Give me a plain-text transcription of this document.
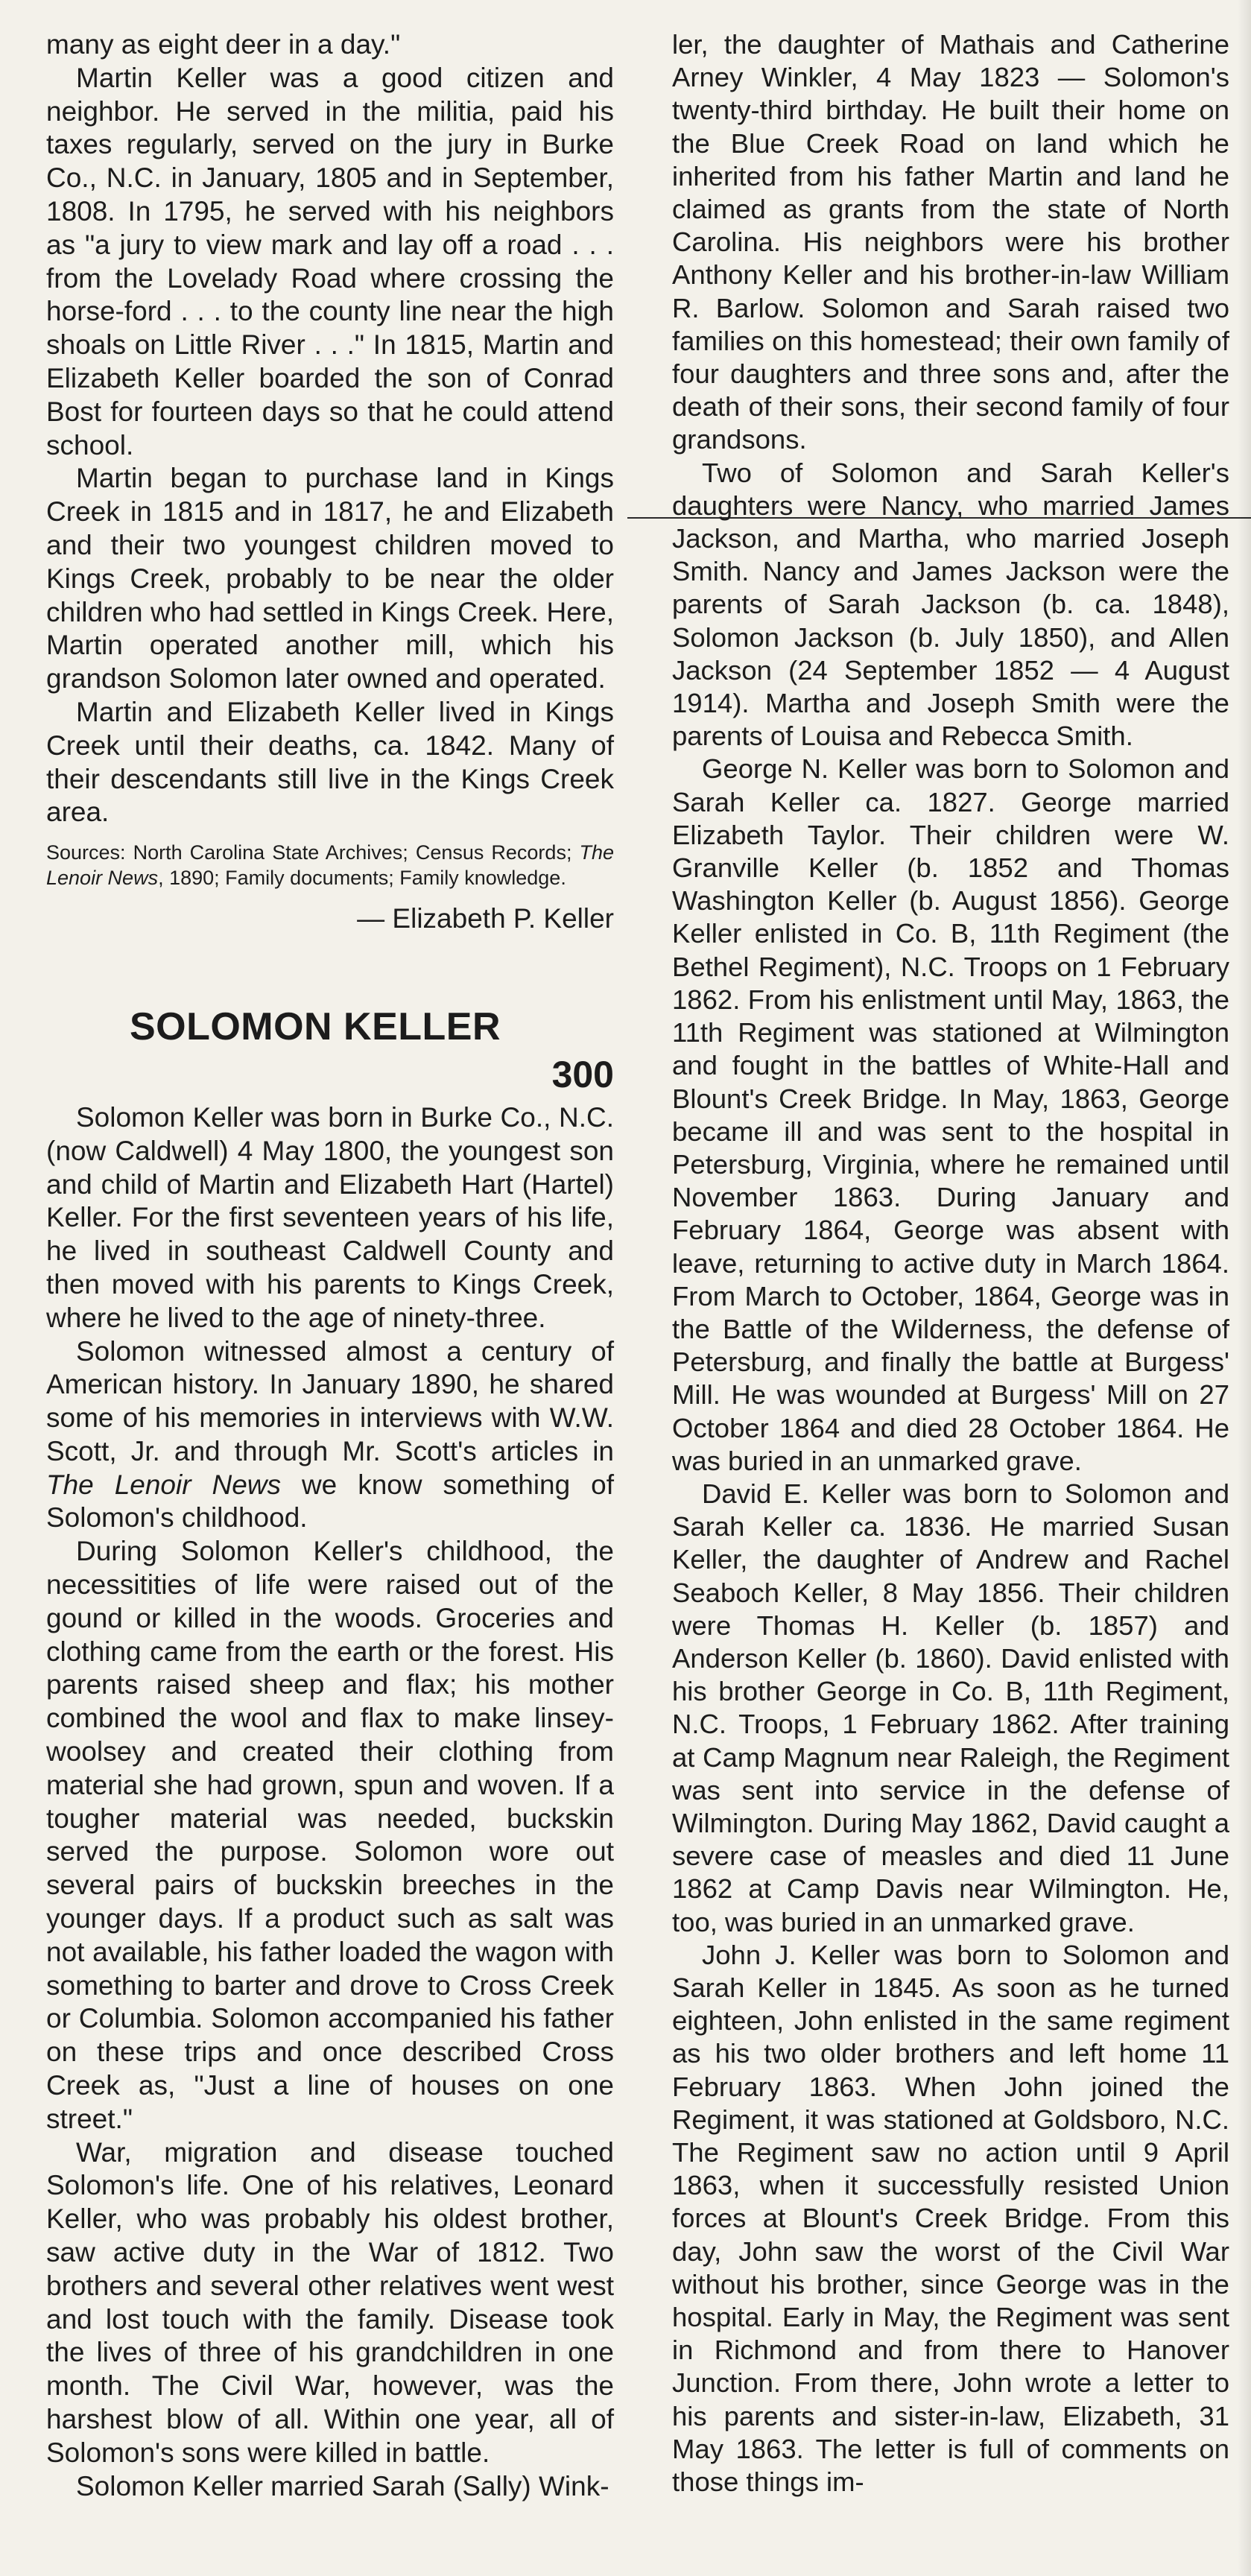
many as eight deer in a day."

Martin Keller was a good citizen and neighbor. He served in the militia, paid his taxes regularly, served on the jury in Burke Co., N.C. in January, 1805 and in September, 1808. In 1795, he served with his neighbors as "a jury to view mark and lay off a road . . . from the Lovelady Road where crossing the horse-ford . . . to the county line near the high shoals on Little River . . ." In 1815, Martin and Elizabeth Keller boarded the son of Conrad Bost for fourteen days so that he could attend school.

Martin began to purchase land in Kings Creek in 1815 and in 1817, he and Elizabeth and their two youngest children moved to Kings Creek, probably to be near the older children who had settled in Kings Creek. Here, Martin operated another mill, which his grandson Solomon later owned and operated.

Martin and Elizabeth Keller lived in Kings Creek until their deaths, ca. 1842. Many of their descendants still live in the Kings Creek area.

Sources: North Carolina State Archives; Census Records; The Lenoir News, 1890; Family documents; Family knowledge.

— Elizabeth P. Keller

SOLOMON KELLER
300

Solomon Keller was born in Burke Co., N.C. (now Caldwell) 4 May 1800, the youngest son and child of Martin and Elizabeth Hart (Hartel) Keller. For the first seventeen years of his life, he lived in southeast Caldwell County and then moved with his parents to Kings Creek, where he lived to the age of ninety-three.

Solomon witnessed almost a century of American history. In January 1890, he shared some of his memories in interviews with W.W. Scott, Jr. and through Mr. Scott's articles in The Lenoir News we know something of Solomon's childhood.

During Solomon Keller's childhood, the necessitities of life were raised out of the gound or killed in the woods. Groceries and clothing came from the earth or the forest. His parents raised sheep and flax; his mother combined the wool and flax to make linsey-woolsey and created their clothing from material she had grown, spun and woven. If a tougher material was needed, buckskin served the purpose. Solomon wore out several pairs of buckskin breeches in the younger days. If a product such as salt was not available, his father loaded the wagon with something to barter and drove to Cross Creek or Columbia. Solomon accompanied his father on these trips and once described Cross Creek as, "Just a line of houses on one street."

War, migration and disease touched Solomon's life. One of his relatives, Leonard Keller, who was probably his oldest brother, saw active duty in the War of 1812. Two brothers and several other relatives went west and lost touch with the family. Disease took the lives of three of his grandchildren in one month. The Civil War, however, was the harshest blow of all. Within one year, all of Solomon's sons were killed in battle.

Solomon Keller married Sarah (Sally) Wink-

ler, the daughter of Mathais and Catherine Arney Winkler, 4 May 1823 — Solomon's twenty-third birthday. He built their home on the Blue Creek Road on land which he inherited from his father Martin and land he claimed as grants from the state of North Carolina. His neighbors were his brother Anthony Keller and his brother-in-law William R. Barlow. Solomon and Sarah raised two families on this homestead; their own family of four daughters and three sons and, after the death of their sons, their second family of four grandsons.

Two of Solomon and Sarah Keller's daughters were Nancy, who married James Jackson, and Martha, who married Joseph Smith. Nancy and James Jackson were the parents of Sarah Jackson (b. ca. 1848), Solomon Jackson (b. July 1850), and Allen Jackson (24 September 1852 — 4 August 1914). Martha and Joseph Smith were the parents of Louisa and Rebecca Smith.

George N. Keller was born to Solomon and Sarah Keller ca. 1827. George married Elizabeth Taylor. Their children were W. Granville Keller (b. 1852 and Thomas Washington Keller (b. August 1856). George Keller enlisted in Co. B, 11th Regiment (the Bethel Regiment), N.C. Troops on 1 February 1862. From his enlistment until May, 1863, the 11th Regiment was stationed at Wilmington and fought in the battles of White-Hall and Blount's Creek Bridge. In May, 1863, George became ill and was sent to the hospital in Petersburg, Virginia, where he remained until November 1863. During January and February 1864, George was absent with leave, returning to active duty in March 1864. From March to October, 1864, George was in the Battle of the Wilderness, the defense of Petersburg, and finally the battle at Burgess' Mill. He was wounded at Burgess' Mill on 27 October 1864 and died 28 October 1864. He was buried in an unmarked grave.

David E. Keller was born to Solomon and Sarah Keller ca. 1836. He married Susan Keller, the daughter of Andrew and Rachel Seaboch Keller, 8 May 1856. Their children were Thomas H. Keller (b. 1857) and Anderson Keller (b. 1860). David enlisted with his brother George in Co. B, 11th Regiment, N.C. Troops, 1 February 1862. After training at Camp Magnum near Raleigh, the Regiment was sent into service in the defense of Wilmington. During May 1862, David caught a severe case of measles and died 11 June 1862 at Camp Davis near Wilmington. He, too, was buried in an unmarked grave.

John J. Keller was born to Solomon and Sarah Keller in 1845. As soon as he turned eighteen, John enlisted in the same regiment as his two older brothers and left home 11 February 1863. When John joined the Regiment, it was stationed at Goldsboro, N.C. The Regiment saw no action until 9 April 1863, when it successfully resisted Union forces at Blount's Creek Bridge. From this day, John saw the worst of the Civil War without his brother, since George was in the hospital. Early in May, the Regiment was sent in Richmond and from there to Hanover Junction. From there, John wrote a letter to his parents and sister-in-law, Elizabeth, 31 May 1863. The letter is full of comments on those things im-
